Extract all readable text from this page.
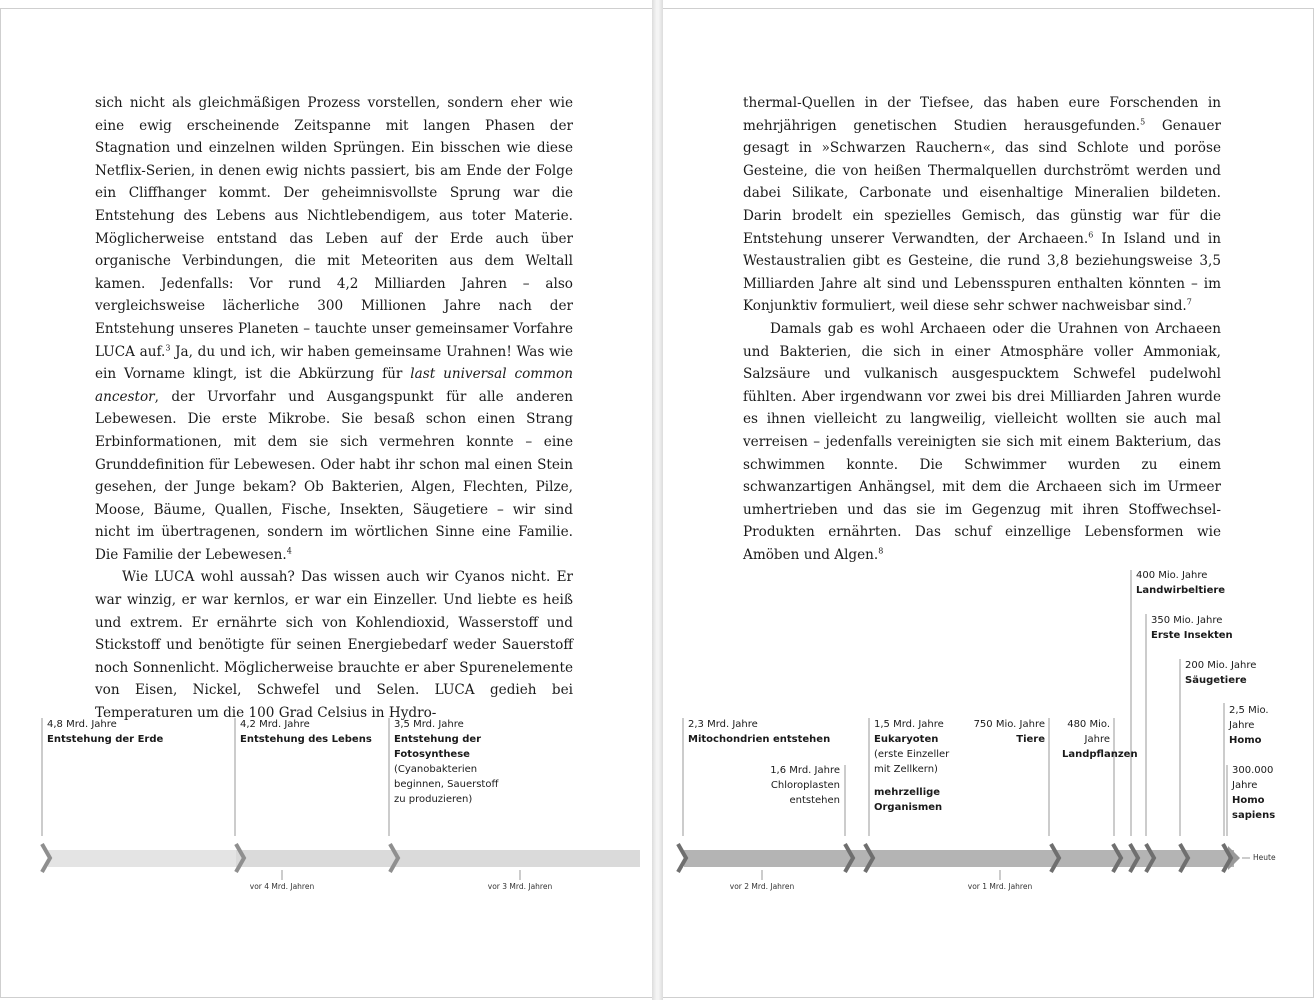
sich nicht als gleichmäßigen Prozess vorstellen, sondern eher wie eine ewig erscheinende Zeitspanne mit langen Phasen der Stagnation und einzelnen wilden Sprüngen. Ein bisschen wie diese Netflix-Serien, in denen ewig nichts passiert, bis am Ende der Folge ein Cliffhanger kommt. Der geheimnisvollste Sprung war die Entstehung des Lebens aus Nichtlebendigem, aus toter Materie. Möglicherweise entstand das Leben auf der Erde auch über organische Verbindungen, die mit Meteoriten aus dem Weltall kamen. Jedenfalls: Vor rund 4,2 Milliarden Jahren – also vergleichsweise lächerliche 300 Millionen Jahre nach der Entstehung unseres Planeten – tauchte unser gemeinsamer Vorfahre LUCA auf.$^3$ Ja, du und ich, wir haben gemeinsame Urahnen! Was wie ein Vorname klingt, ist die Abkürzung für last universal common ancestor, der Urvorfahr und Ausgangspunkt für alle anderen Lebewesen. Die erste Mikrobe. Sie besaß schon einen Strang Erbinformationen, mit dem sie sich vermehren konnte – eine Grunddefinition für Lebewesen. Oder habt ihr schon mal einen Stein gesehen, der Junge bekam? Ob Bakterien, Algen, Flechten, Pilze, Moose, Bäume, Quallen, Fische, Insekten, Säugetiere – wir sind nicht im übertragenen, sondern im wörtlichen Sinne eine Familie. Die Familie der Lebewesen.$^4$

Wie LUCA wohl aussah? Das wissen auch wir Cyanos nicht. Er war winzig, er war kernlos, er war ein Einzeller. Und liebte es heiß und extrem. Er ernährte sich von Kohlendioxid, Wasserstoff und Stickstoff und benötigte für seinen Energiebedarf weder Sauerstoff noch Sonnenlicht. Möglicherweise brauchte er aber Spurenelemente von Eisen, Nickel, Schwefel und Selen. LUCA gedieh bei Temperaturen um die 100 Grad Celsius in Hydro-

thermal-Quellen in der Tiefsee, das haben eure Forschenden in mehrjährigen genetischen Studien herausgefunden.$^5$ Genauer gesagt in »Schwarzen Rauchern«, das sind Schlote und poröse Gesteine, die von heißen Thermalquellen durchströmt werden und dabei Silikate, Carbonate und eisenhaltige Mineralien bildeten. Darin brodelt ein spezielles Gemisch, das günstig war für die Entstehung unserer Verwandten, der Archaeen.$^6$ In Island und in Westaustralien gibt es Gesteine, die rund 3,8 beziehungsweise 3,5 Milliarden Jahre alt sind und Lebensspuren enthalten könnten – im Konjunktiv formuliert, weil diese sehr schwer nachweisbar sind.$^7$

Damals gab es wohl Archaeen oder die Urahnen von Archaeen und Bakterien, die sich in einer Atmosphäre voller Ammoniak, Salzsäure und vulkanisch ausgespucktem Schwefel pudelwohl fühlten. Aber irgendwann vor zwei bis drei Milliarden Jahren wurde es ihnen vielleicht zu langweilig, vielleicht wollten sie auch mal verreisen – jedenfalls vereinigten sie sich mit einem Bakterium, das schwimmen konnte. Die Schwimmer wurden zu einem schwanzartigen Anhängsel, mit dem die Archaeen sich im Urmeer umhertrieben und das sie im Gegenzug mit ihren Stoffwechsel-Produkten ernährten. Das schuf einzellige Lebensformen wie Amöben und Algen.$^8$

4,8 Mrd. Jahre
Entstehung der Erde
4,2 Mrd. Jahre
Entstehung des Lebens
3,5 Mrd. Jahre
Entstehung der Fotosynthese
(Cyanobakterien beginnen, Sauerstoff zu produzieren)
2,3 Mrd. Jahre
Mitochondrien entstehen
1,6 Mrd. Jahre
Chloroplasten entstehen
1,5 Mrd. Jahre
Eukaryoten
(erste Einzeller mit Zellkern)
mehrzellige Organismen
750 Mio. Jahre
Tiere
480 Mio. Jahre
Landpflanzen
400 Mio. Jahre
Landwirbeltiere
350 Mio. Jahre
Erste Insekten
200 Mio. Jahre
Säugetiere
2,5 Mio. Jahre
Homo
300.000 Jahre
Homo sapiens
vor 4 Mrd. Jahren	vor 3 Mrd. Jahren	vor 2 Mrd. Jahren	vor 1 Mrd. Jahren
Heute
